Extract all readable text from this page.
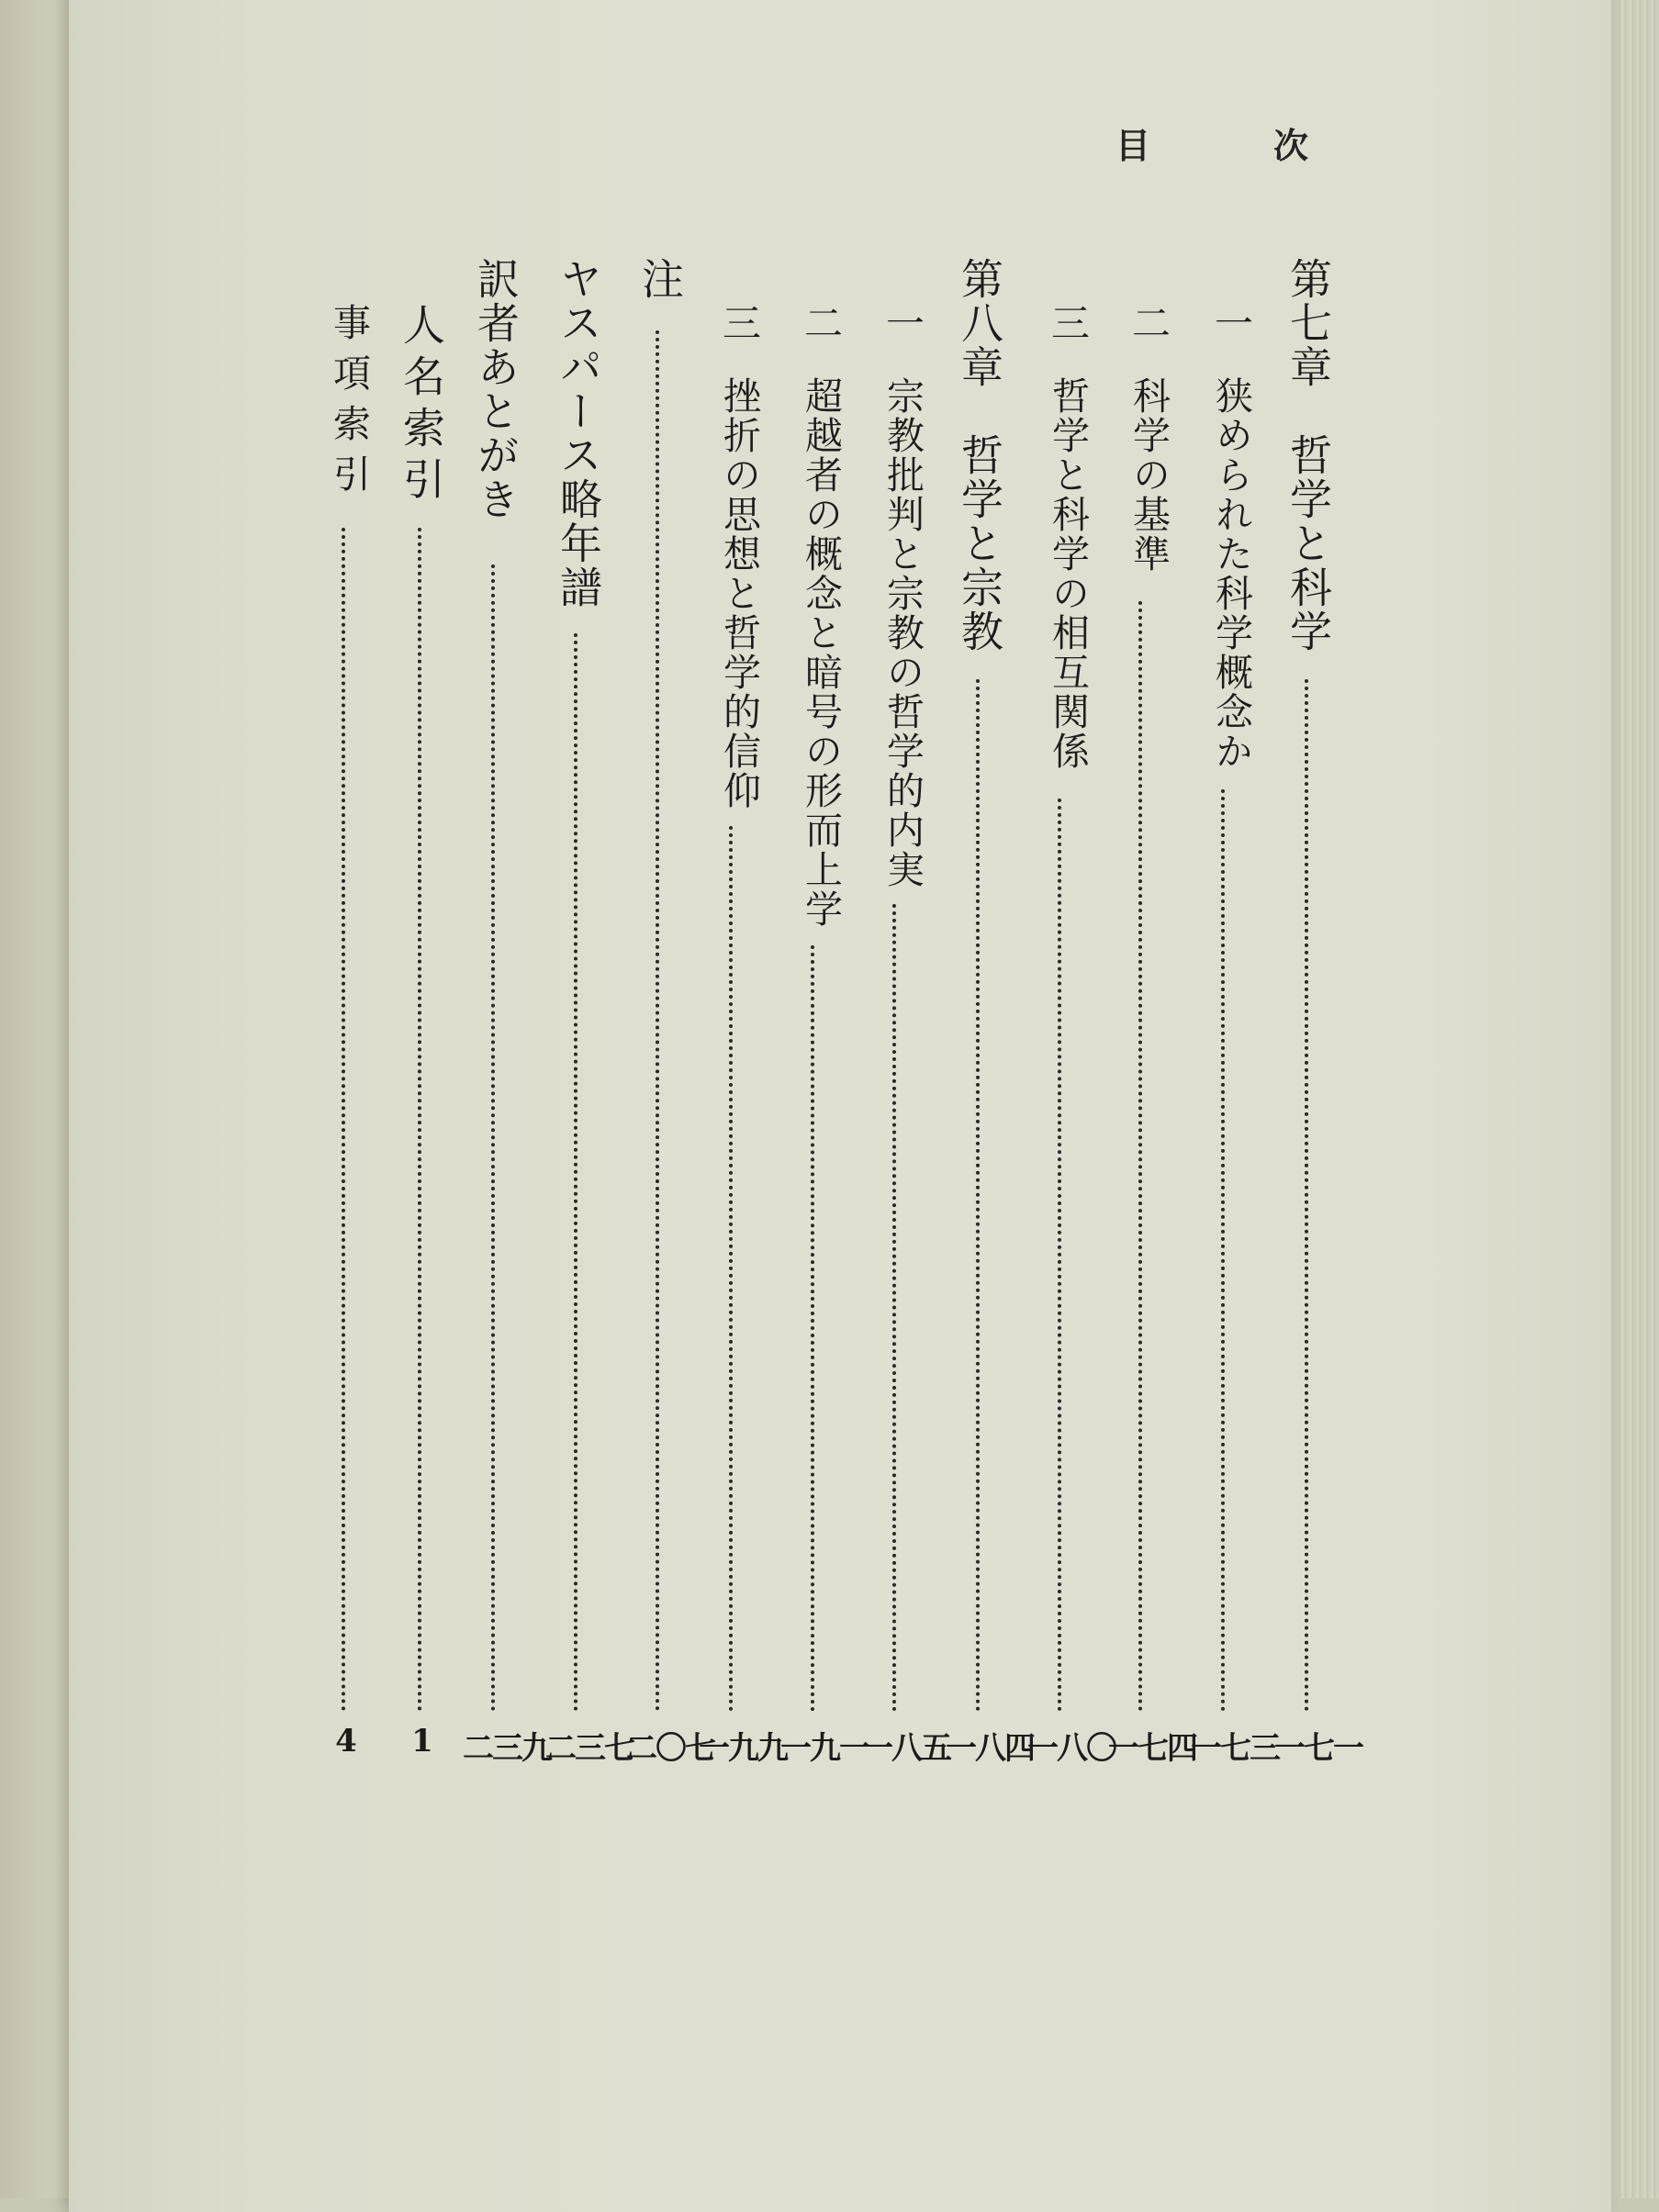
目	次
第七章　哲学と科学
一七一
一狭められた科学概念か
一七三
二科学の基準
一七四
三哲学と科学の相互関係
一八〇
第八章　哲学と宗教
一八四
一宗教批判と宗教の哲学的内実
一八五
二超越者の概念と暗号の形而上学
一九一
三挫折の思想と哲学的信仰
一九九
注
二〇七
ヤスパース略年譜
二三七
訳者あとがき
二三九
人名索引
1
事項索引
4
